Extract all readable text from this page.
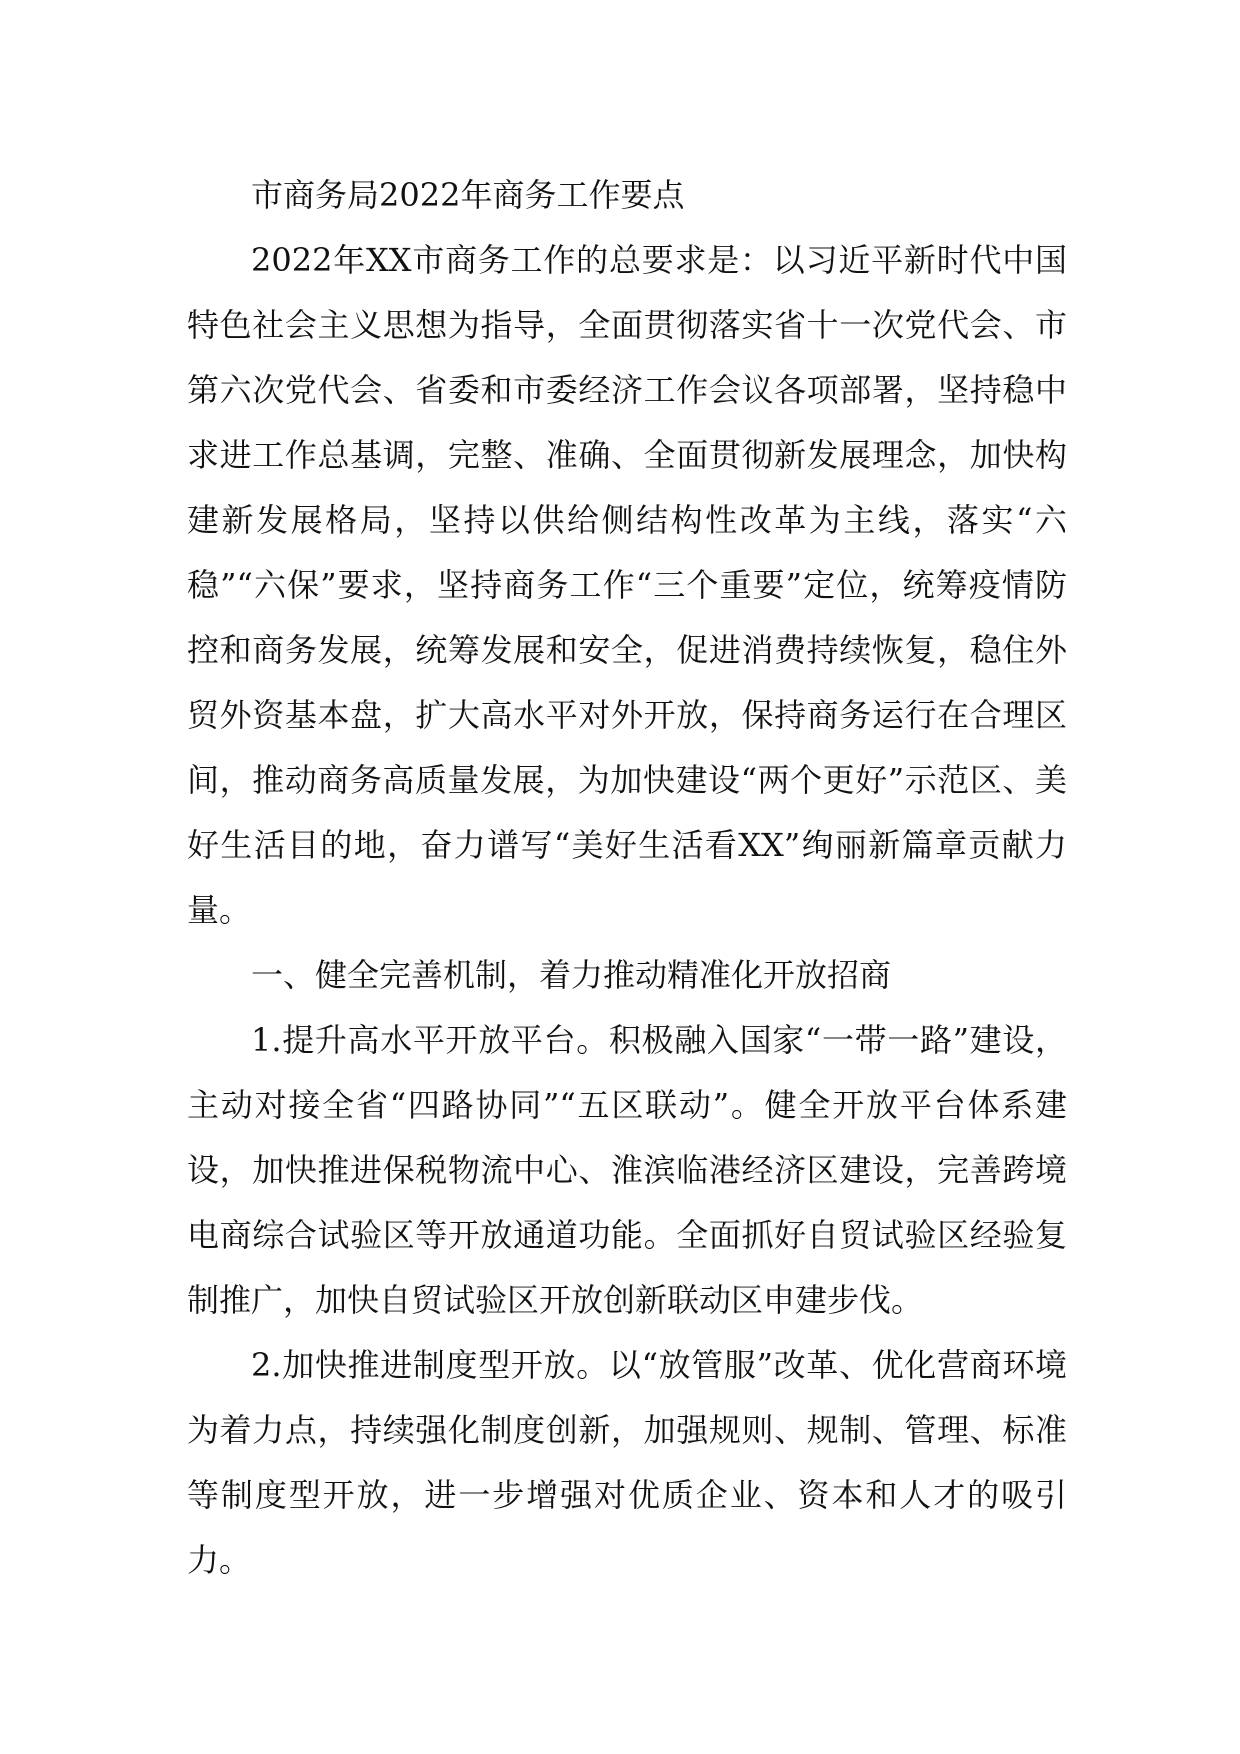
市商务局2022年商务工作要点

2022年XX市商务工作的总要求是：以习近平新时代中国特色社会主义思想为指导，全面贯彻落实省十一次党代会、市第六次党代会、省委和市委经济工作会议各项部署，坚持稳中求进工作总基调，完整、准确、全面贯彻新发展理念，加快构建新发展格局，坚持以供给侧结构性改革为主线，落实“六稳”“六保”要求，坚持商务工作“三个重要”定位，统筹疫情防控和商务发展，统筹发展和安全，促进消费持续恢复，稳住外贸外资基本盘，扩大高水平对外开放，保持商务运行在合理区间，推动商务高质量发展，为加快建设“两个更好”示范区、美好生活目的地，奋力谱写“美好生活看XX”绚丽新篇章贡献力量。

一、健全完善机制，着力推动精准化开放招商

1.提升高水平开放平台。积极融入国家“一带一路”建设，主动对接全省“四路协同”“五区联动”。健全开放平台体系建设，加快推进保税物流中心、淮滨临港经济区建设，完善跨境电商综合试验区等开放通道功能。全面抓好自贸试验区经验复制推广，加快自贸试验区开放创新联动区申建步伐。

2.加快推进制度型开放。以“放管服”改革、优化营商环境为着力点，持续强化制度创新，加强规则、规制、管理、标准等制度型开放，进一步增强对优质企业、资本和人才的吸引力。
